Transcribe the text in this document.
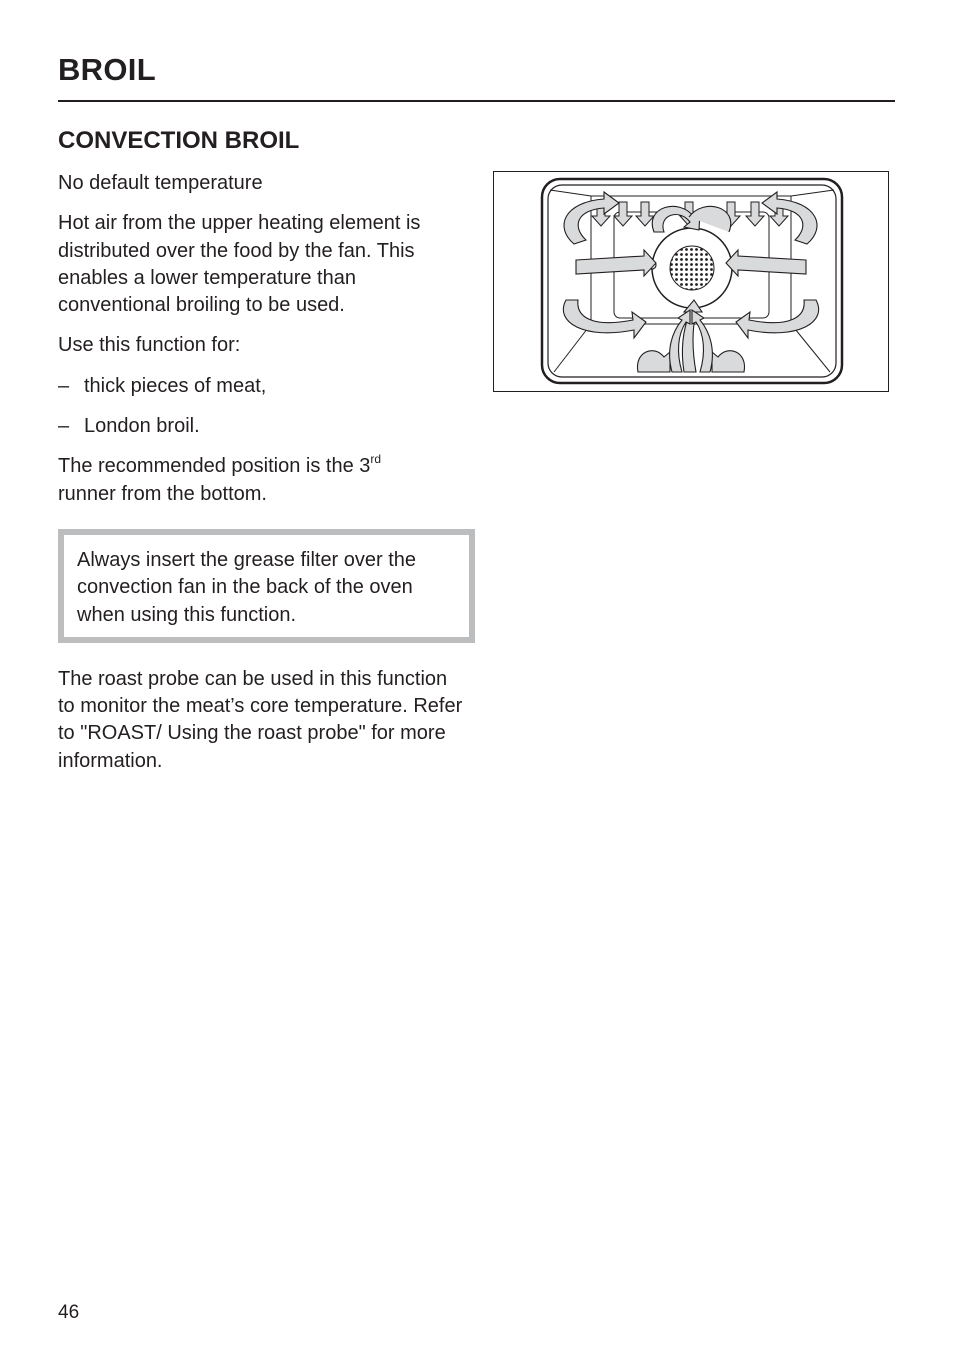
BROIL
CONVECTION BROIL

No default temperature

Hot air from the upper heating element is distributed over the food by the fan. This enables a lower temperature than conventional broiling to be used.

Use this function for:

– thick pieces of meat,
– London broil.

The recommended position is the 3rd
runner from the bottom.

Always insert the grease filter over the convection fan in the back of the oven when using this function.

The roast probe can be used in this function to monitor the meat’s core temperature. Refer to "ROAST/ Using the roast probe" for more information.

46
